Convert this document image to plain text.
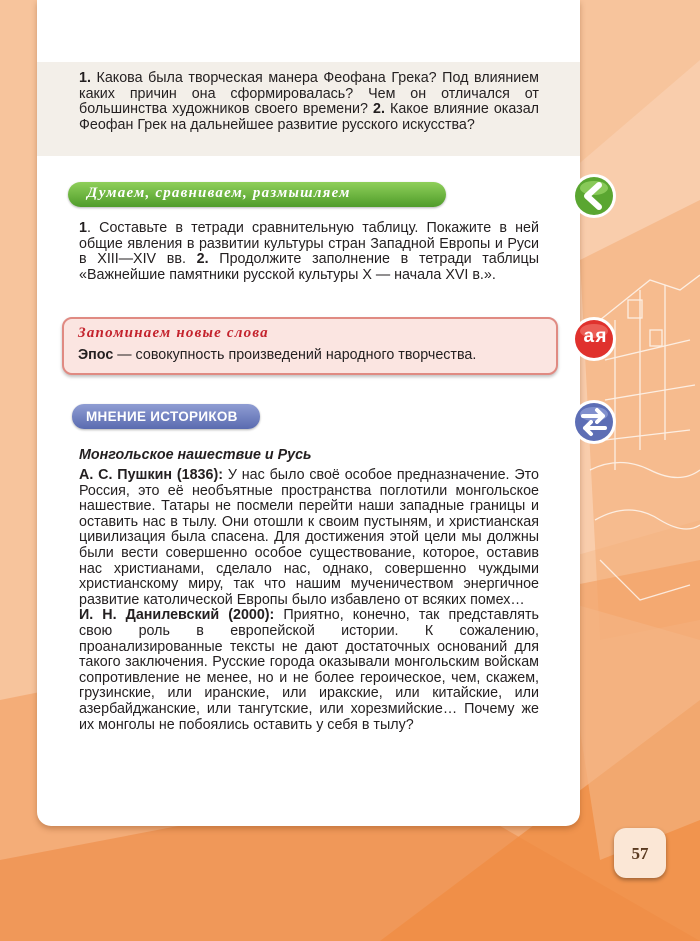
1. Какова была творческая манера Феофана Грека? Под влиянием каких причин она сформировалась? Чем он отличался от большинства художников своего времени? 2. Какое влияние оказал Феофан Грек на дальнейшее развитие русского искусства?
Думаем, сравниваем, размышляем
1. Составьте в тетради сравнительную таблицу. Покажите в ней общие явления в развитии культуры стран Западной Европы и Руси в XIII—XIV вв. 2. Продолжите заполнение в тетради таблицы «Важнейшие памятники русской культуры X — начала XVI в.».
Запоминаем новые слова
Эпос — совокупность произведений народного творчества.
МНЕНИЕ ИСТОРИКОВ
Монгольское нашествие и Русь
А. С. Пушкин (1836): У нас было своё особое предназначение. Это Россия, это её необъятные пространства поглотили монгольское нашествие. Татары не посмели перейти наши западные границы и оставить нас в тылу. Они отошли к своим пустыням, и христианская цивилизация была спасена. Для достижения этой цели мы должны были вести совершенно особое существование, которое, оставив нас христианами, сделало нас, однако, совершенно чуждыми христианскому миру, так что нашим мученичеством энергичное развитие католической Европы было избавлено от всяких помех…
И. Н. Данилевский (2000): Приятно, конечно, так представлять свою роль в европейской истории. К сожалению, проанализированные тексты не дают достаточных оснований для такого заключения. Русские города оказывали монгольским войскам сопротивление не менее, но и не более героическое, чем, скажем, грузинские, или иранские, или иракские, или китайские, или азербайджанские, или тангутские, или хорезмийские… Почему же их монголы не побоялись оставить у себя в тылу?
а я
57
